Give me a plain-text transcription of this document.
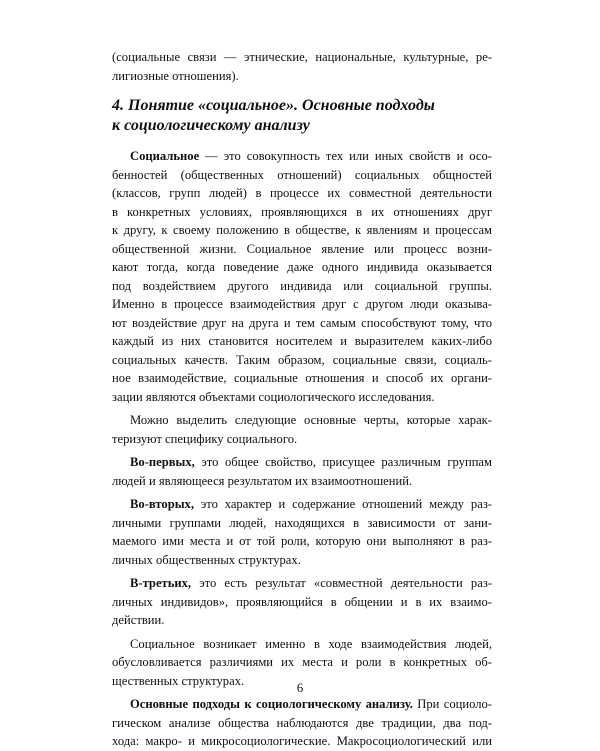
(социальные связи — этнические, национальные, культурные, ре-
лигиозные отношения).
4. Понятие «социальное». Основные подходы
к социологическому анализу
Социальное — это совокупность тех или иных свойств и осо-
бенностей (общественных отношений) социальных общностей
(классов, групп людей) в процессе их совместной деятельности
в конкретных условиях, проявляющихся в их отношениях друг
к другу, к своему положению в обществе, к явлениям и процессам
общественной жизни. Социальное явление или процесс возни-
кают тогда, когда поведение даже одного индивида оказывается
под воздействием другого индивида или социальной группы.
Именно в процессе взаимодействия друг с другом люди оказыва-
ют воздействие друг на друга и тем самым способствуют тому, что
каждый из них становится носителем и выразителем каких-либо
социальных качеств. Таким образом, социальные связи, социаль-
ное взаимодействие, социальные отношения и способ их органи-
зации являются объектами социологического исследования.
Можно выделить следующие основные черты, которые харак-
теризуют специфику социального.
Во-первых, это общее свойство, присущее различным группам
людей и являющееся результатом их взаимоотношений.
Во-вторых, это характер и содержание отношений между раз-
личными группами людей, находящихся в зависимости от зани-
маемого ими места и от той роли, которую они выполняют в раз-
личных общественных структурах.
В-третьих, это есть результат «совместной деятельности раз-
личных индивидов», проявляющийся в общении и в их взаимо-
действии.
Социальное возникает именно в ходе взаимодействия людей,
обусловливается различиями их места и роли в конкретных об-
щественных структурах.
Основные подходы к социологическому анализу. При социоло-
гическом анализе общества наблюдаются две традиции, два под-
хода: макро- и микросоциологические. Макросоциологический или
6
